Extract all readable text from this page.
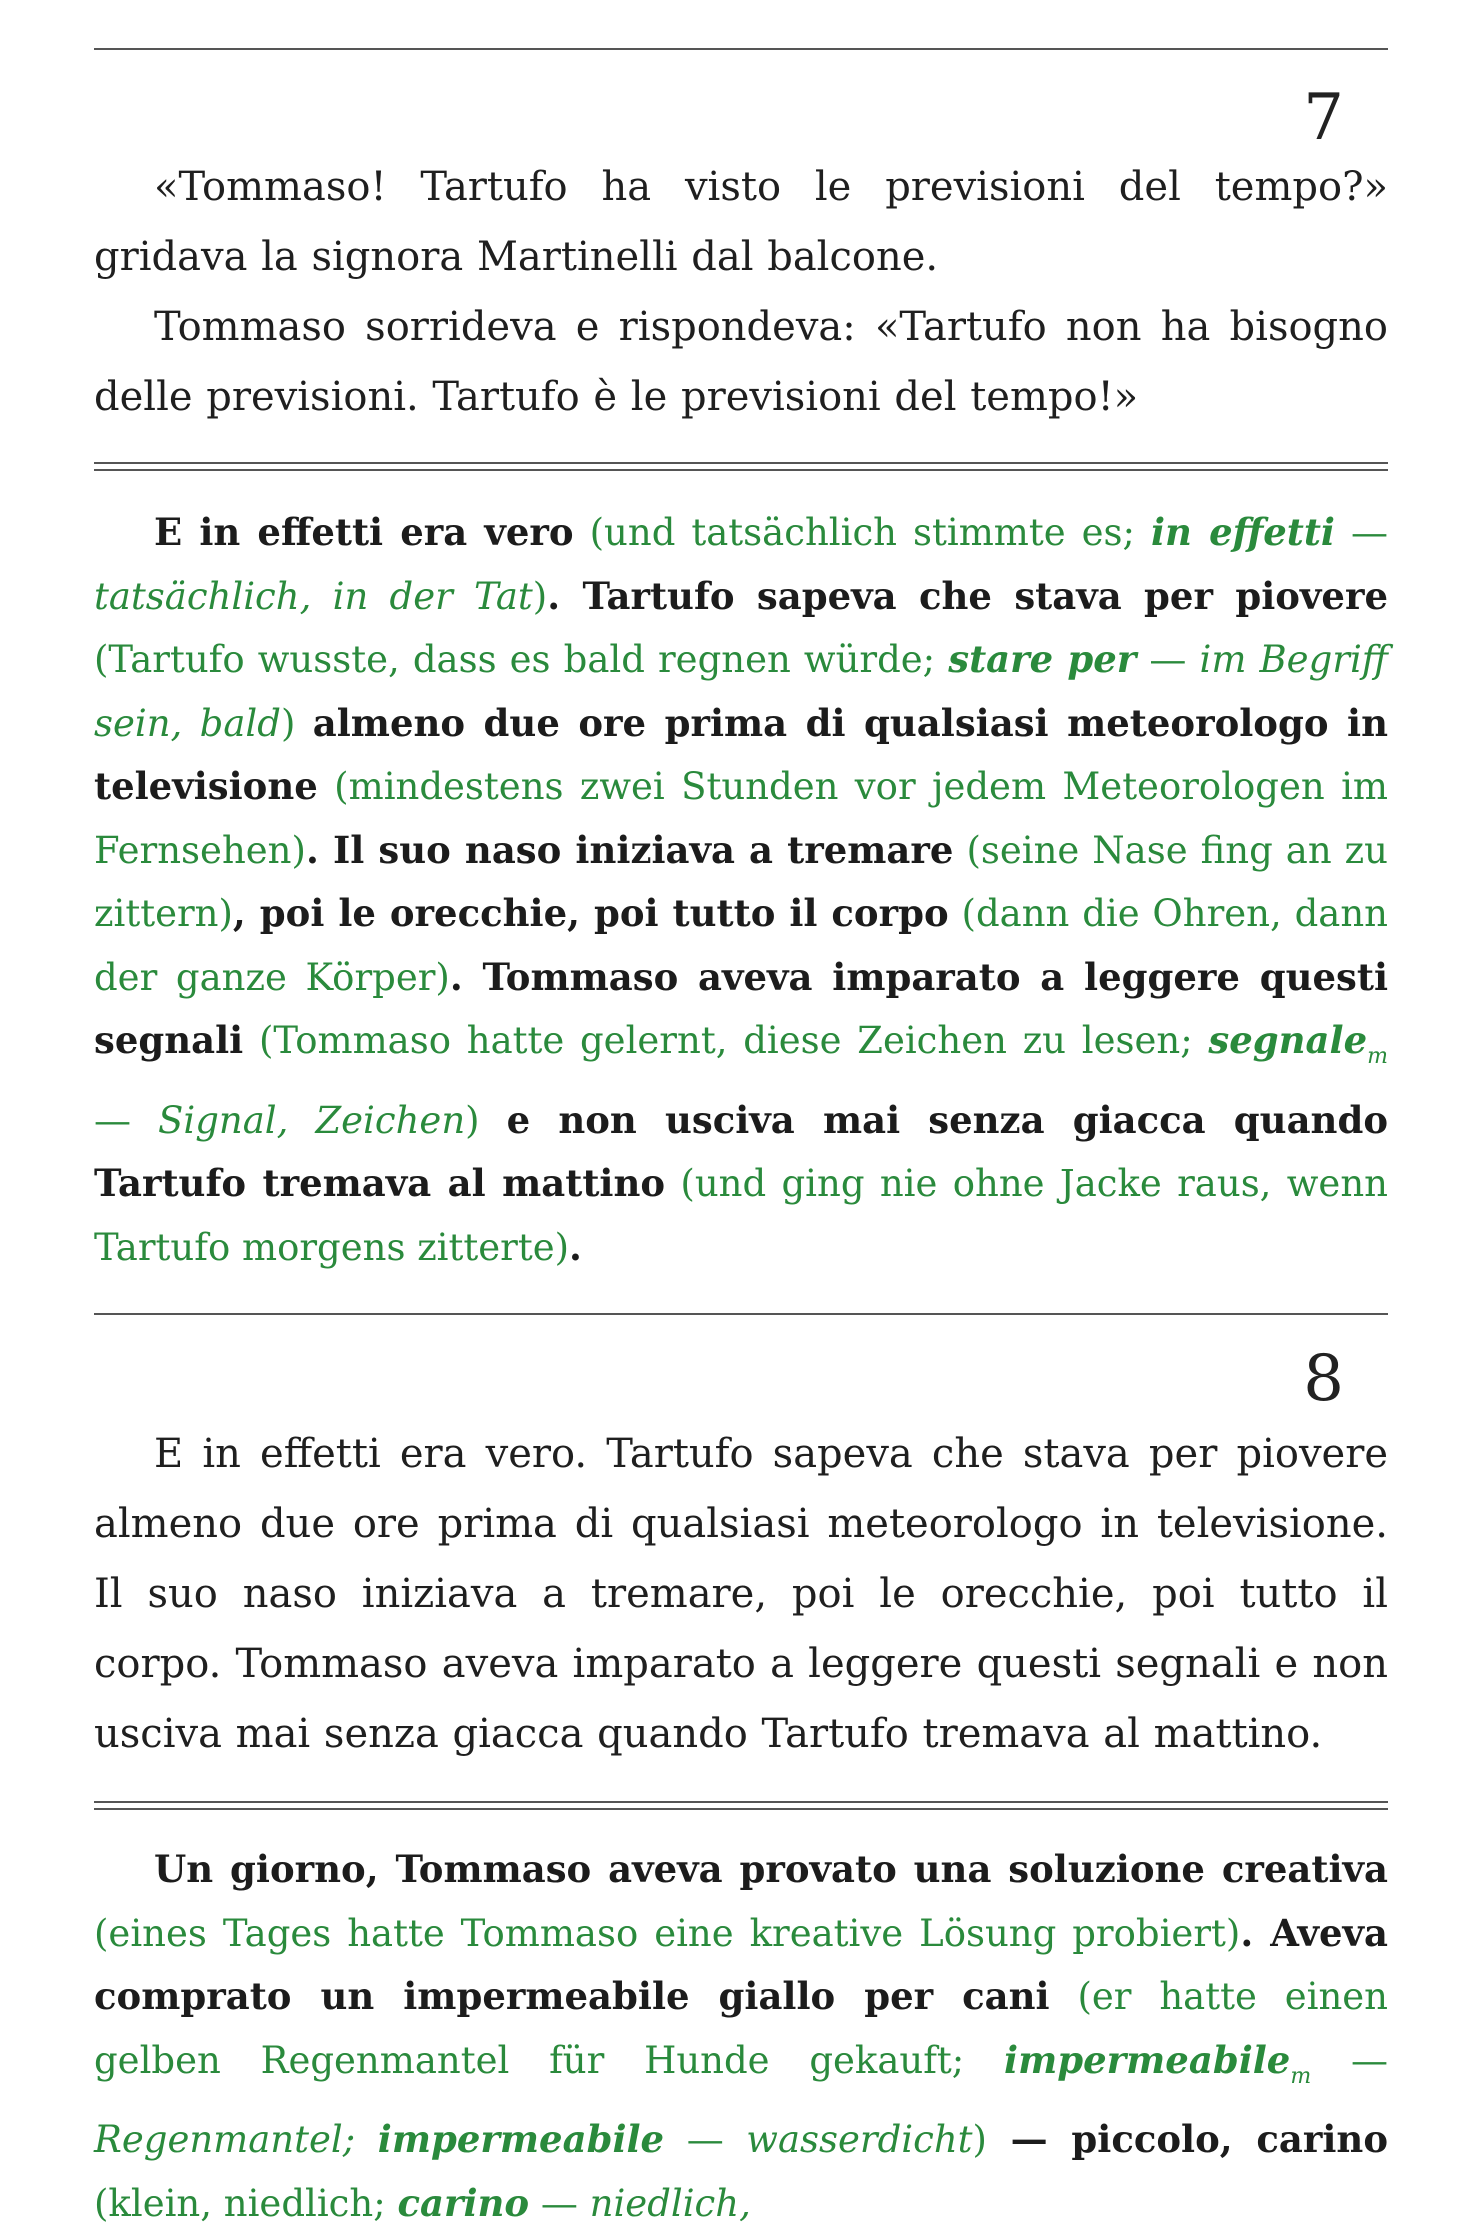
7

«Tommaso! Tartufo ha visto le previsioni del tempo?» gridava la signora Martinelli dal balcone.

Tommaso sorrideva e rispondeva: «Tartufo non ha bisogno delle previsioni. Tartufo è le previsioni del tempo!»

E in effetti era vero (und tatsächlich stimmte es; in effetti — tatsächlich, in der Tat). Tartufo sapeva che stava per piovere (Tartufo wusste, dass es bald regnen würde; stare per — im Begriff sein, bald) almeno due ore prima di qualsiasi meteorologo in televisione (mindestens zwei Stunden vor jedem Meteorologen im Fernsehen). Il suo naso iniziava a tremare (seine Nase fing an zu zittern), poi le orecchie, poi tutto il corpo (dann die Ohren, dann der ganze Körper). Tommaso aveva imparato a leggere questi segnali (Tommaso hatte gelernt, diese Zeichen zu lesen; segnale$_m$ — Signal, Zeichen) e non usciva mai senza giacca quando Tartufo tremava al mattino (und ging nie ohne Jacke raus, wenn Tartufo morgens zitterte).

8

E in effetti era vero. Tartufo sapeva che stava per piovere almeno due ore prima di qualsiasi meteorologo in televisione. Il suo naso iniziava a tremare, poi le orecchie, poi tutto il corpo. Tommaso aveva imparato a leggere questi segnali e non usciva mai senza giacca quando Tartufo tremava al mattino.

Un giorno, Tommaso aveva provato una soluzione creativa (eines Tages hatte Tommaso eine kreative Lösung probiert). Aveva comprato un impermeabile giallo per cani (er hatte einen gelben Regenmantel für Hunde gekauft; impermeabile$_m$ — Regenmantel; impermeabile — wasserdicht) — piccolo, carino (klein, niedlich; carino — niedlich,
